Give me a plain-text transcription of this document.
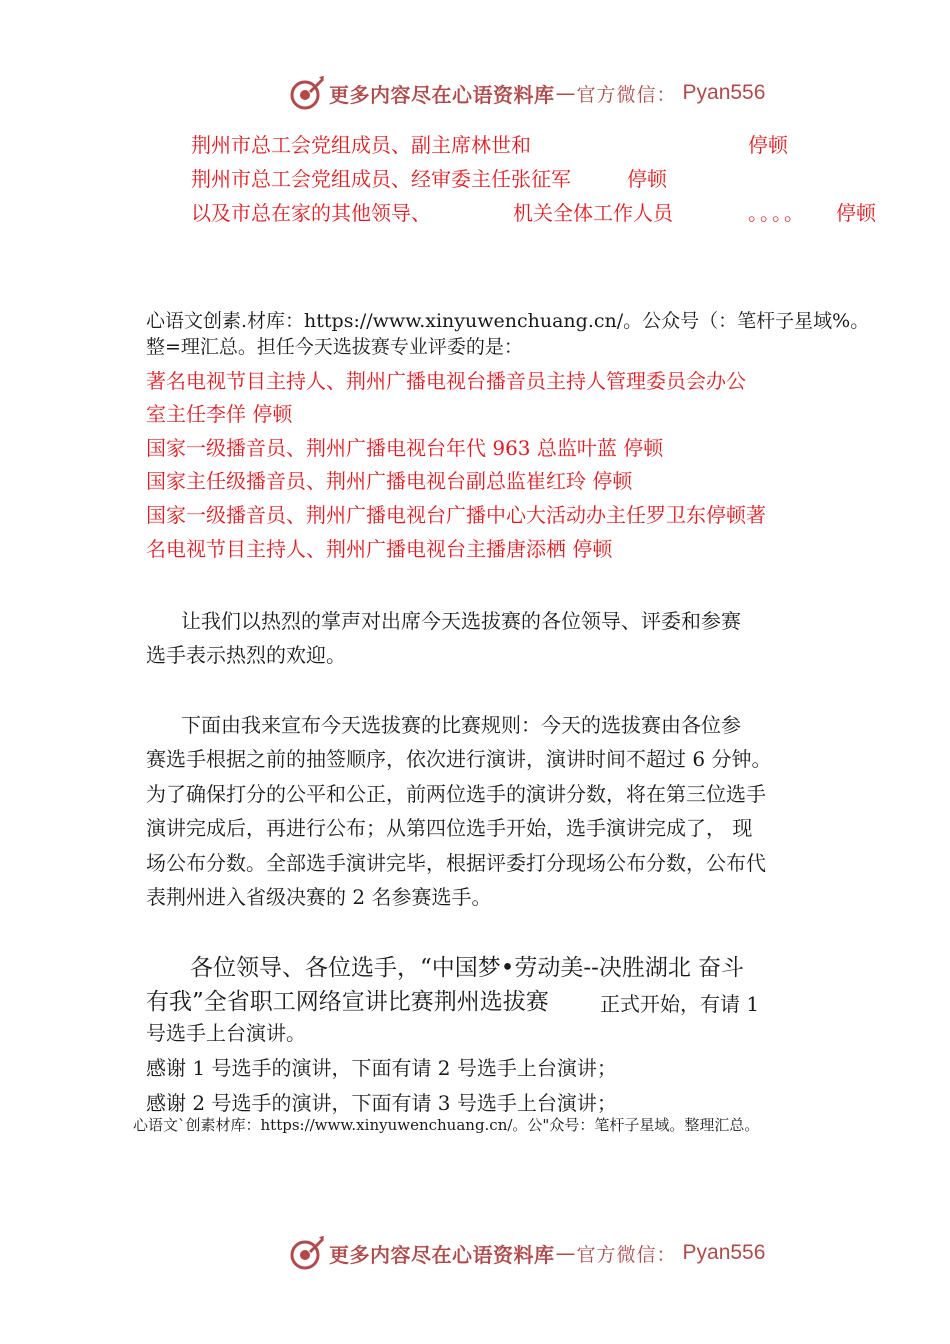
更多内容尽在心语资料库 — 官方微信： Pyan556
荆州市总工会党组成员、副主席林世和	停顿
荆州市总工会党组成员、经审委主任张征军	停顿
以及市总在家的其他领导、	机关全体工作人员	。。。。 停顿
心语文创素.材库：https://www.xinyuwenchuang.cn/。公众号（：笔杆子星域%。
整=理汇总。担任今天选拔赛专业评委的是：
著名电视节目主持人、荆州广播电视台播音员主持人管理委员会办公
室主任李佯 停顿
国家一级播音员、荆州广播电视台年代 963 总监叶蓝 停顿
国家主任级播音员、荆州广播电视台副总监崔红玲 停顿
国家一级播音员、荆州广播电视台广播中心大活动办主任罗卫东停顿著
名电视节目主持人、荆州广播电视台主播唐添栖 停顿
让我们以热烈的掌声对出席今天选拔赛的各位领导、评委和参赛
选手表示热烈的欢迎。
下面由我来宣布今天选拔赛的比赛规则：今天的选拔赛由各位参
赛选手根据之前的抽签顺序，依次进行演讲，演讲时间不超过 6 分钟。
为了确保打分的公平和公正，前两位选手的演讲分数，将在第三位选手
演讲完成后，再进行公布；从第四位选手开始，选手演讲完成了， 现
场公布分数。全部选手演讲完毕，根据评委打分现场公布分数，公布代
表荆州进入省级决赛的 2 名参赛选手。
各位领导、各位选手，“中国梦•劳动美--决胜湖北 奋斗
有我”全省职工网络宣讲比赛荆州选拔赛	正式开始，有请 1
号选手上台演讲。
感谢 1 号选手的演讲，下面有请 2 号选手上台演讲；
感谢 2 号选手的演讲，下面有请 3 号选手上台演讲；
心语文`创素材库：https://www.xinyuwenchuang.cn/。公"众号：笔杆子星域。整理汇总。
更多内容尽在心语资料库 — 官方微信： Pyan556
